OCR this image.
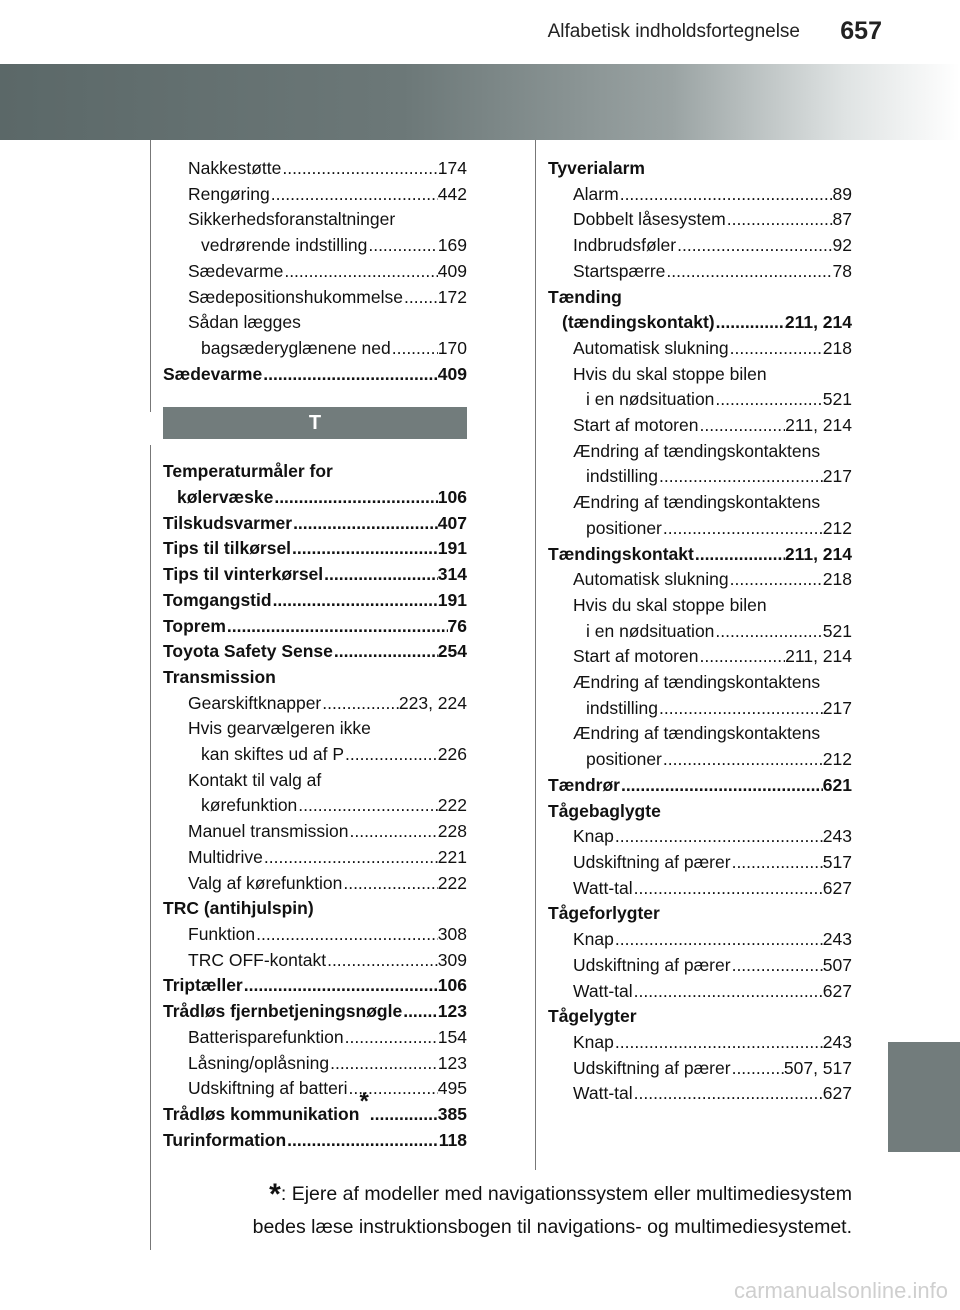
Alfabetisk indholdsfortegnelse 657
Nakkestøtte .....	174
Rengøring .....	442
Sikkerhedsforanstaltninger
vedrørende indstilling .....	169
Sædevarme .....	409
Sædepositionshukommelse ..... 172
Sådan lægges
bagsæderyglænene ned .....	170
Sædevarme .....	409
T
Temperaturmåler for
kølervæske .....	106
Tilskudsvarmer .....	407
Tips til tilkørsel .....	191
Tips til vinterkørsel .....	314
Tomgangstid .....	191
Toprem .....	76
Toyota Safety Sense .....	254
Transmission
Gearskiftknapper .....	223, 224
Hvis gearvælgeren ikke
kan skiftes ud af P .....	226
Kontakt til valg af
kørefunktion .....	222
Manuel transmission .....	228
Multidrive .....	221
Valg af kørefunktion .....	222
TRC (antihjulspin)
Funktion .....	308
TRC OFF-kontakt .....	309
Triptæller .....	106
Trådløs fjernbetjeningsnøgle ..... 123
Batterisparefunktion .....	154
Låsning/oplåsning .....	123
Udskiftning af batteri .....	495
Trådløs kommunikation * .....	385
Turinformation .....	118
Tyverialarm
Alarm .....	89
Dobbelt låsesystem .....	87
Indbrudsføler .....	92
Startspærre .....	78
Tænding
(tændingskontakt) .....	211, 214
Automatisk slukning .....	218
Hvis du skal stoppe bilen
i en nødsituation .....	521
Start af motoren .....	211, 214
Ændring af tændingskontaktens
indstilling .....	217
Ændring af tændingskontaktens
positioner .....	212
Tændingskontakt .....	211, 214
Automatisk slukning .....	218
Hvis du skal stoppe bilen
i en nødsituation .....	521
Start af motoren .....	211, 214
Ændring af tændingskontaktens
indstilling .....	217
Ændring af tændingskontaktens
positioner .....	212
Tændrør .....	621
Tågebaglygte
Knap .....	243
Udskiftning af pærer .....	517
Watt-tal .....	627
Tågeforlygter
Knap .....	243
Udskiftning af pærer .....	507
Watt-tal .....	627
Tågelygter
Knap .....	243
Udskiftning af pærer .....	507, 517
Watt-tal .....	627
*: Ejere af modeller med navigationssystem eller multimediesystem
bedes læse instruktionsbogen til navigations- og multimediesystemet.
carmanualsonline.info
